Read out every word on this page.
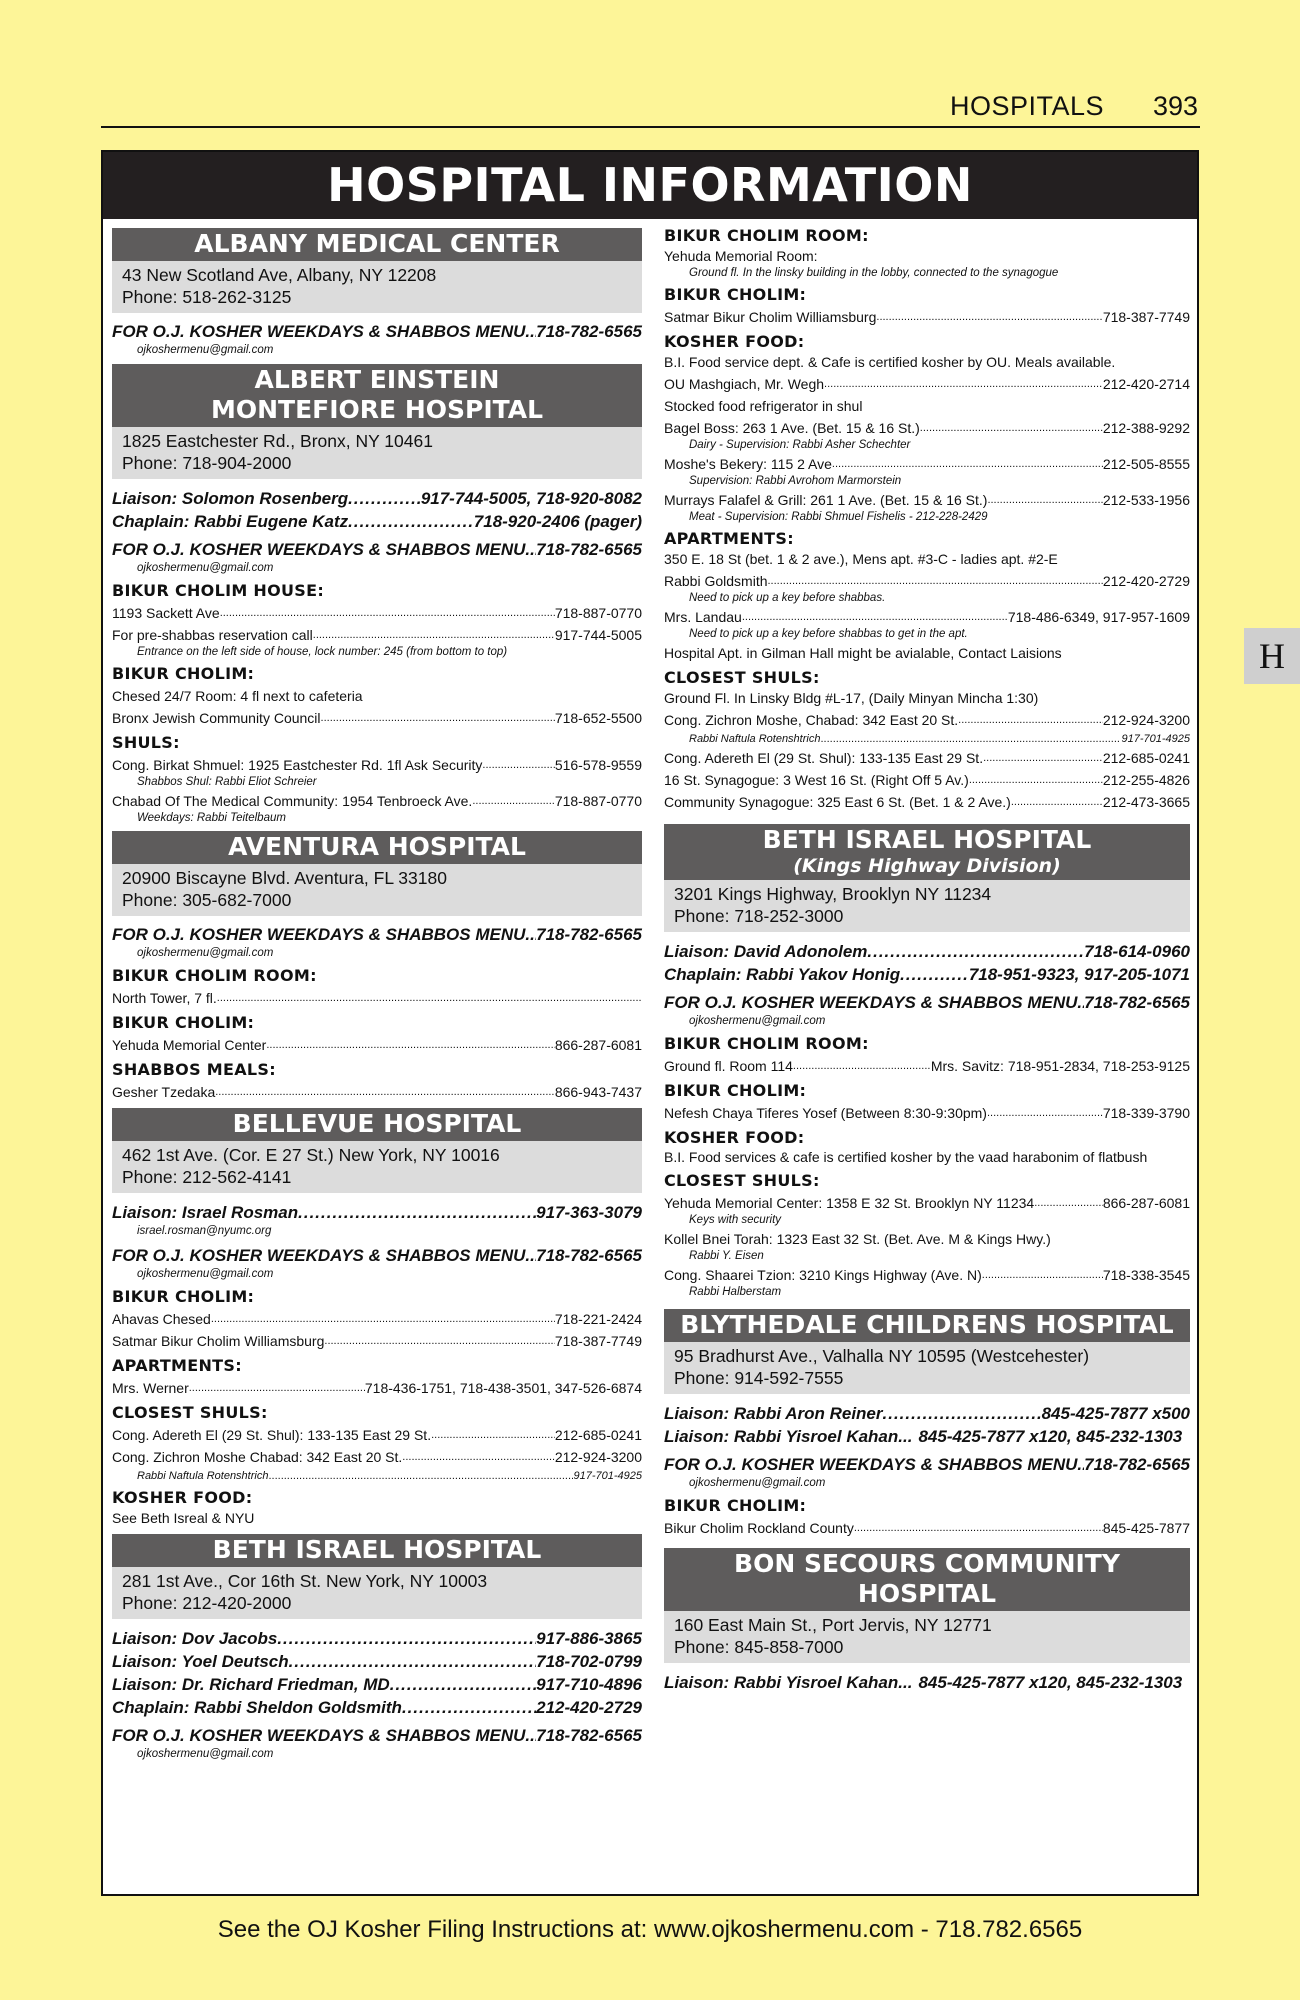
HOSPITALS 393
H
HOSPITAL INFORMATION
ALBANY MEDICAL CENTER
43 New Scotland Ave, Albany, NY 12208
Phone: 518-262-3125
FOR O.J. KOSHER WEEKDAYS & SHABBOS MENU ..... 718-782-6565
ojkoshermenu@gmail.com
ALBERT EINSTEIN
MONTEFIORE HOSPITAL
1825 Eastchester Rd., Bronx, NY 10461
Phone: 718-904-2000
Liaison: Solomon Rosenberg .....	917-744-5005, 718-920-8082
Chaplain: Rabbi Eugene Katz .....	718-920-2406 (pager)
FOR O.J. KOSHER WEEKDAYS & SHABBOS MENU ..... 718-782-6565
ojkoshermenu@gmail.com
BIKUR CHOLIM HOUSE:
1193 Sackett Ave .....	718-887-0770
For pre-shabbas reservation call .....	917-744-5005
Entrance on the left side of house, lock number: 245 (from bottom to top)
BIKUR CHOLIM:
Chesed 24/7 Room: 4 fl next to cafeteria
Bronx Jewish Community Council .....	718-652-5500
SHULS:
Cong. Birkat Shmuel: 1925 Eastchester Rd. 1fl Ask Security .....	516-578-9559
Shabbos Shul: Rabbi Eliot Schreier
Chabad Of The Medical Community: 1954 Tenbroeck Ave. .....	718-887-0770
Weekdays: Rabbi Teitelbaum
AVENTURA HOSPITAL
20900 Biscayne Blvd. Aventura, FL 33180
Phone: 305-682-7000
FOR O.J. KOSHER WEEKDAYS & SHABBOS MENU ..... 718-782-6565
ojkoshermenu@gmail.com
BIKUR CHOLIM ROOM:
North Tower, 7 fl.
.....
BIKUR CHOLIM:
Yehuda Memorial Center .....	866-287-6081
SHABBOS MEALS:
Gesher Tzedaka .....	866-943-7437
BELLEVUE HOSPITAL
462 1st Ave. (Cor. E 27 St.) New York, NY 10016
Phone: 212-562-4141
Liaison: Israel Rosman .....	917-363-3079
israel.rosman@nyumc.org
FOR O.J. KOSHER WEEKDAYS & SHABBOS MENU ..... 718-782-6565
ojkoshermenu@gmail.com
BIKUR CHOLIM:
Ahavas Chesed .....	718-221-2424
Satmar Bikur Cholim Williamsburg .....	718-387-7749
APARTMENTS:
Mrs. Werner .....	718-436-1751, 718-438-3501, 347-526-6874
CLOSEST SHULS:
Cong. Adereth El (29 St. Shul): 133-135 East 29 St. .....	212-685-0241
Cong. Zichron Moshe Chabad: 342 East 20 St. .....	212-924-3200
Rabbi Naftula Rotenshtrich .....	917-701-4925
KOSHER FOOD:
See Beth Isreal & NYU
BETH ISRAEL HOSPITAL
281 1st Ave., Cor 16th St. New York, NY 10003
Phone: 212-420-2000
Liaison: Dov Jacobs .....	917-886-3865
Liaison: Yoel Deutsch .....	718-702-0799
Liaison: Dr. Richard Friedman, MD .....	917-710-4896
Chaplain: Rabbi Sheldon Goldsmith .....	212-420-2729
FOR O.J. KOSHER WEEKDAYS & SHABBOS MENU ..... 718-782-6565
ojkoshermenu@gmail.com
BIKUR CHOLIM ROOM:
Yehuda Memorial Room:
Ground fl. In the linsky building in the lobby, connected to the synagogue
BIKUR CHOLIM:
Satmar Bikur Cholim Williamsburg .....	718-387-7749
KOSHER FOOD:
B.I. Food service dept. & Cafe is certified kosher by OU. Meals available.
OU Mashgiach, Mr. Wegh .....	212-420-2714
Stocked food refrigerator in shul
Bagel Boss: 263 1 Ave. (Bet. 15 & 16 St.) .....	212-388-9292
Dairy - Supervision: Rabbi Asher Schechter
Moshe's Bekery: 115 2 Ave .....	212-505-8555
Supervision: Rabbi Avrohom Marmorstein
Murrays Falafel & Grill: 261 1 Ave. (Bet. 15 & 16 St.) .....	212-533-1956
Meat - Supervision: Rabbi Shmuel Fishelis - 212-228-2429
APARTMENTS:
350 E. 18 St (bet. 1 & 2 ave.), Mens apt. #3-C - ladies apt. #2-E
Rabbi Goldsmith .....	212-420-2729
Need to pick up a key before shabbas.
Mrs. Landau .....	718-486-6349, 917-957-1609
Need to pick up a key before shabbas to get in the apt.
Hospital Apt. in Gilman Hall might be avialable, Contact Laisions
CLOSEST SHULS:
Ground Fl. In Linsky Bldg #L-17, (Daily Minyan Mincha 1:30)
Cong. Zichron Moshe, Chabad: 342 East 20 St. .....	212-924-3200
Rabbi Naftula Rotenshtrich .....	917-701-4925
Cong. Adereth El (29 St. Shul): 133-135 East 29 St. .....	212-685-0241
16 St. Synagogue: 3 West 16 St. (Right Off 5 Av.) .....	212-255-4826
Community Synagogue: 325 East 6 St. (Bet. 1 & 2 Ave.) .....	212-473-3665
BETH ISRAEL HOSPITAL
(Kings Highway Division)
3201 Kings Highway, Brooklyn NY 11234
Phone: 718-252-3000
Liaison: David Adonolem .....	718-614-0960
Chaplain: Rabbi Yakov Honig .....	718-951-9323, 917-205-1071
FOR O.J. KOSHER WEEKDAYS & SHABBOS MENU ..... 718-782-6565
ojkoshermenu@gmail.com
BIKUR CHOLIM ROOM:
Ground fl. Room 114 .....	Mrs. Savitz: 718-951-2834, 718-253-9125
BIKUR CHOLIM:
Nefesh Chaya Tiferes Yosef (Between 8:30-9:30pm) .....	718-339-3790
KOSHER FOOD:
B.I. Food services & cafe is certified kosher by the vaad harabonim of flatbush
CLOSEST SHULS:
Yehuda Memorial Center: 1358 E 32 St. Brooklyn NY 11234 .....	866-287-6081
Keys with security
Kollel Bnei Torah: 1323 East 32 St. (Bet. Ave. M & Kings Hwy.)
Rabbi Y. Eisen
Cong. Shaarei Tzion: 3210 Kings Highway (Ave. N) .....	718-338-3545
Rabbi Halberstam
BLYTHEDALE CHILDRENS HOSPITAL
95 Bradhurst Ave., Valhalla NY 10595 (Westcehester)
Phone: 914-592-7555
Liaison: Rabbi Aron Reiner .....	845-425-7877 x500
Liaison: Rabbi Yisroel Kahan... 845-425-7877 x120, 845-232-1303
FOR O.J. KOSHER WEEKDAYS & SHABBOS MENU ..... 718-782-6565
ojkoshermenu@gmail.com
BIKUR CHOLIM:
Bikur Cholim Rockland County .....	845-425-7877
BON SECOURS COMMUNITY HOSPITAL
160 East Main St., Port Jervis, NY 12771
Phone: 845-858-7000
Liaison: Rabbi Yisroel Kahan... 845-425-7877 x120, 845-232-1303
See the OJ Kosher Filing Instructions at: www.ojkoshermenu.com - 718.782.6565
